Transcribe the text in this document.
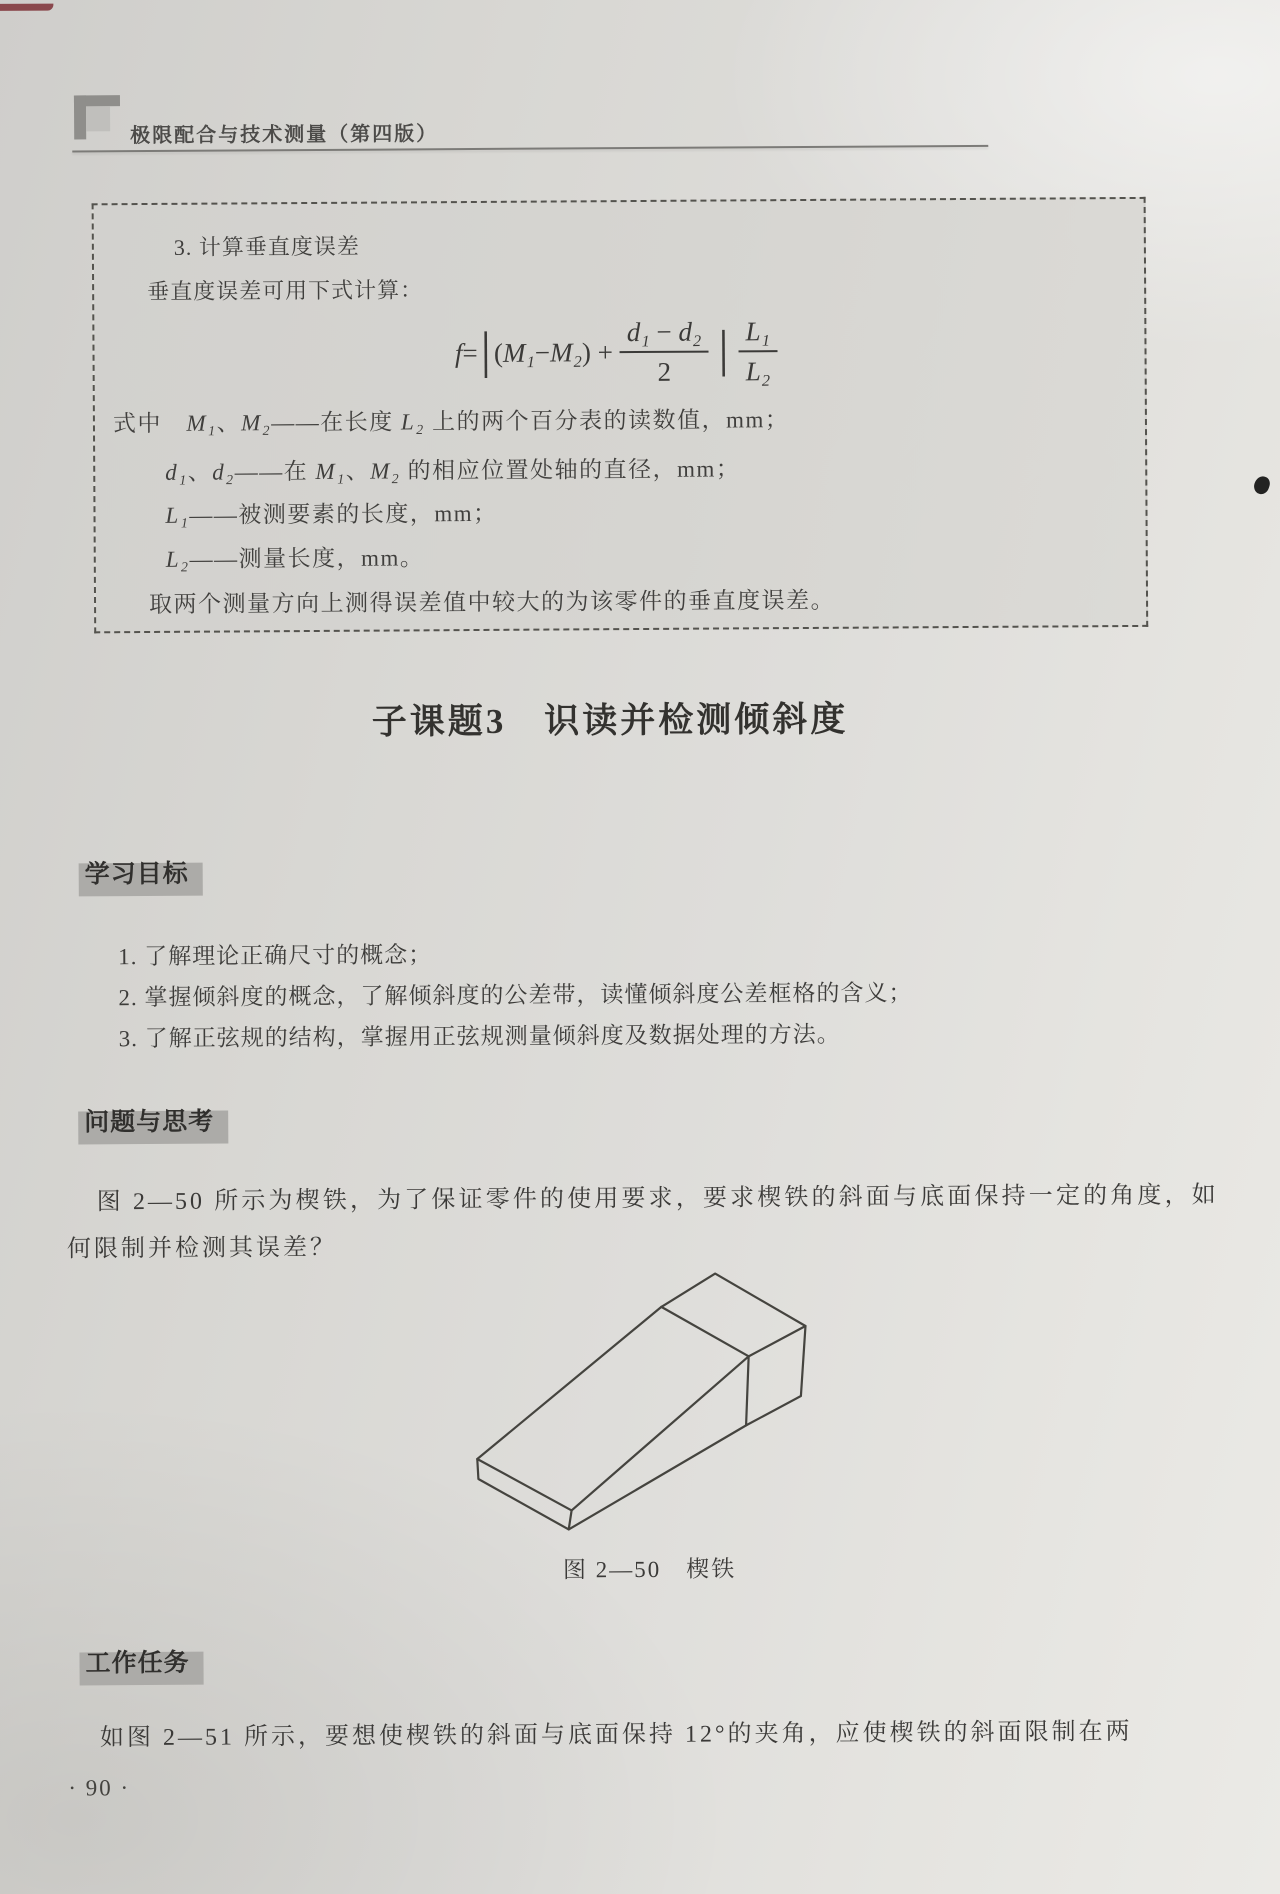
极限配合与技术测量（第四版）

3. 计算垂直度误差

垂直度误差可用下式计算：

f = | ( M₁ − M₂ ) + $\frac{\text{d₁ − d₂}}{2}$ | $\frac{\text{L₁}}{\text{L₂}}$

式中　M₁、M₂——在长度 L₂ 上的两个百分表的读数值，mm；

d₁、d₂——在 M₁、M₂ 的相应位置处轴的直径，mm；

L₁——被测要素的长度，mm；

L₂——测量长度，mm。

取两个测量方向上测得误差值中较大的为该零件的垂直度误差。

子课题3　识读并检测倾斜度
学习目标
1. 了解理论正确尺寸的概念；
2. 掌握倾斜度的概念，了解倾斜度的公差带，读懂倾斜度公差框格的含义；
3. 了解正弦规的结构，掌握用正弦规测量倾斜度及数据处理的方法。
问题与思考

图 2—50 所示为楔铁，为了保证零件的使用要求，要求楔铁的斜面与底面保持一定的角度，如何限制并检测其误差？

图 2—50　楔铁
工作任务

如图 2—51 所示，要想使楔铁的斜面与底面保持 12°的夹角，应使楔铁的斜面限制在两

· 90 ·
